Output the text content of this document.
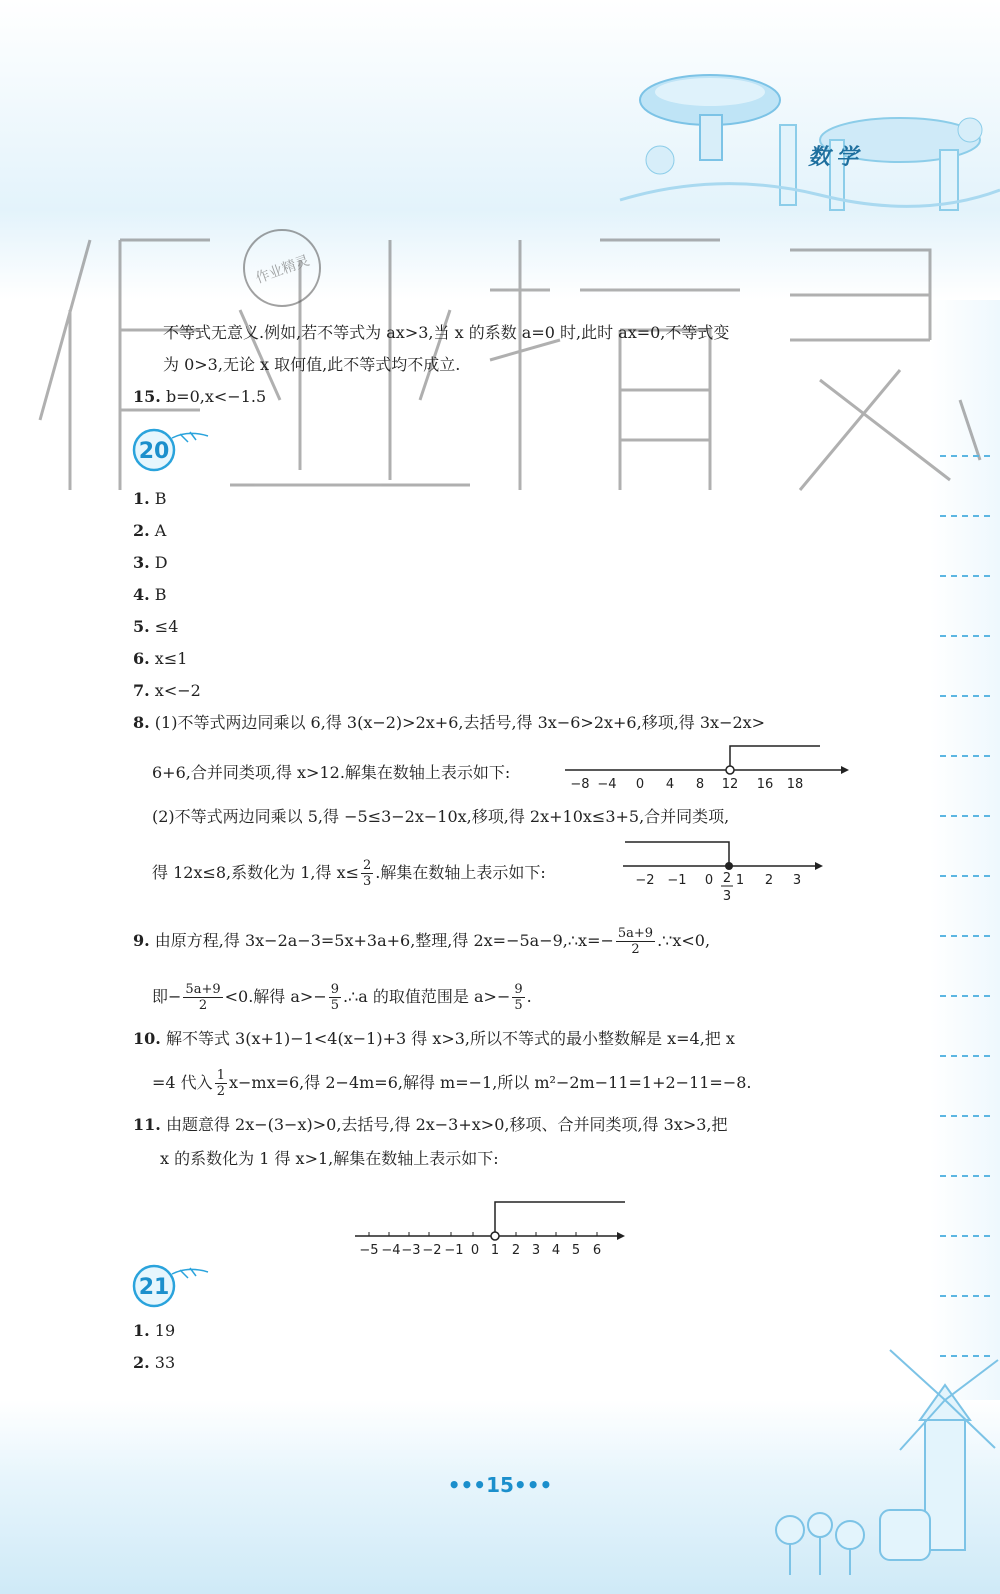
数学
作业精灵
不等式无意义.例如,若不等式为 ax>3,当 x 的系数 a=0 时,此时 ax=0,不等式变
为 0>3,无论 x 取何值,此不等式均不成立.
15. b=0,x<−1.5
20
1. B
2. A
3. D
4. B
5. ≤4
6. x≤1
7. x<−2
8. (1)不等式两边同乘以 6,得 3(x−2)>2x+6,去括号,得 3x−6>2x+6,移项,得 3x−2x>
6+6,合并同类项,得 x>12.解集在数轴上表示如下:
−8 −4 0 4 8 12 16 18
(2)不等式两边同乘以 5,得 −5≤3−2x−10x,移项,得 2x+10x≤3+5,合并同类项,
得 12x≤8,系数化为 1,得 $x\le \frac{2}{3}$ .解集在数轴上表示如下:	−2 −1 0 1 2 3
2
3
9. 由原方程,得 3x−2a−3=5x+3a+6,整理,得 2x=−5a−9,∴x=− $\frac{5a+9}{2}$ .∵x<0,
即− $\frac{5a+9}{2} <0$.解得 $a>- \frac{9}{5}$ .∴a 的取值范围是 $a>- \frac{9}{5}$ .
10. 解不等式 3(x+1)−1<4(x−1)+3 得 x>3,所以不等式的最小整数解是 x=4,把 x
=4 代入 $\frac{1}{2} x-mx=6$,得 2−4m=6,解得 m=−1,所以 m²−2m−11=1+2−11=−8.
11. 由题意得 2x−(3−x)>0,去括号,得 2x−3+x>0,移项、合并同类项,得 3x>3,把
x 的系数化为 1 得 x>1,解集在数轴上表示如下:
−5 −4 −3 −2 −1 0 1 2 3 4 5 6
21
1. 19
2. 33
•••15•••
